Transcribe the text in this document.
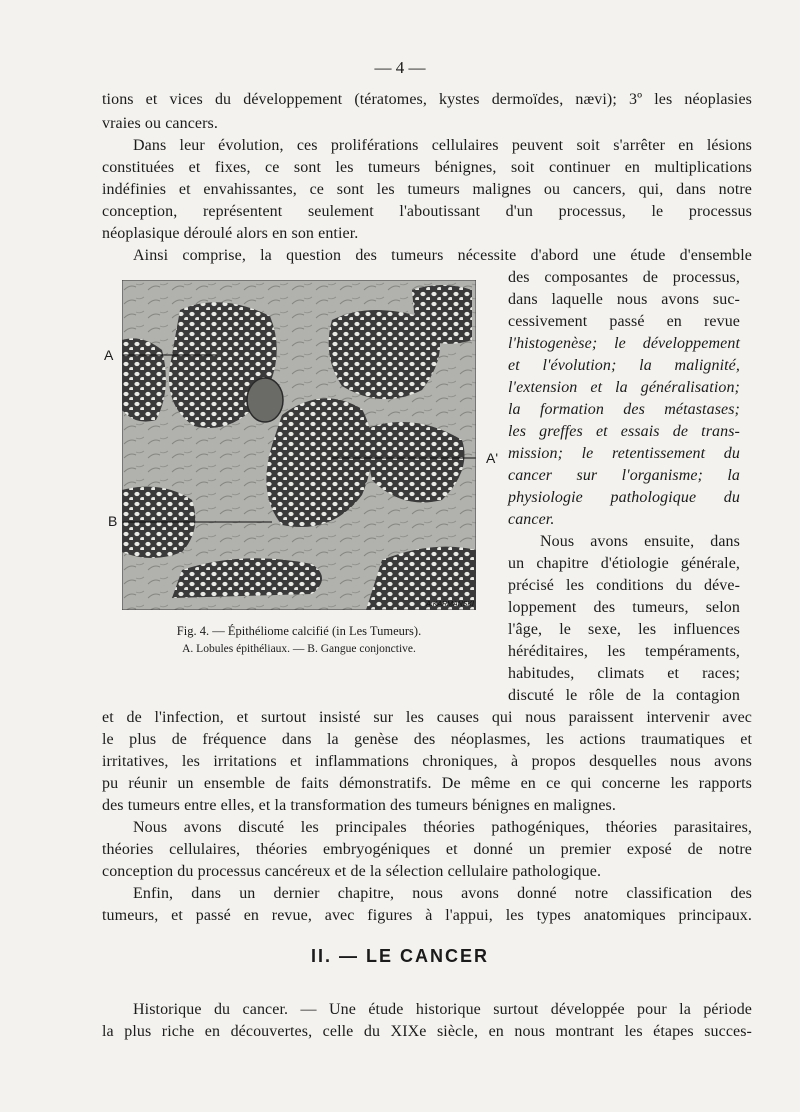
— 4 —
tions et vices du développement (tératomes, kystes dermoïdes, nævi); 3º les néoplasies
vraies ou cancers.
Dans leur évolution, ces proliférations cellulaires peuvent soit s'arrêter en lésions
constituées et fixes, ce sont les tumeurs bénignes, soit continuer en multiplications
indéfinies et envahissantes, ce sont les tumeurs malignes ou cancers, qui, dans notre
conception, représentent seulement l'aboutissant d'un processus, le processus
néoplasique déroulé alors en son entier.
Ainsi comprise, la question des tumeurs nécessite d'abord une étude d'ensemble
des composantes de processus,
dans laquelle nous avons suc-
cessivement passé en revue
l'histogenèse; le développement
et l'évolution; la malignité,
l'extension et la généralisation;
la formation des métastases;
les greffes et essais de trans-
mission; le retentissement du
cancer sur l'organisme; la
physiologie pathologique du
cancer.
Nous avons ensuite, dans
un chapitre d'étiologie générale,
précisé les conditions du déve-
loppement des tumeurs, selon
l'âge, le sexe, les influences
héréditaires, les tempéraments,
habitudes, climats et races;
discuté le rôle de la contagion
A.KARMANSKI
A
A'
B
Fig. 4. — Épithéliome calcifié (in Les Tumeurs).
A. Lobules épithéliaux. — B. Gangue conjonctive.
et de l'infection, et surtout insisté sur les causes qui nous paraissent intervenir avec
le plus de fréquence dans la genèse des néoplasmes, les actions traumatiques et
irritatives, les irritations et inflammations chroniques, à propos desquelles nous avons
pu réunir un ensemble de faits démonstratifs. De même en ce qui concerne les rapports
des tumeurs entre elles, et la transformation des tumeurs bénignes en malignes.
Nous avons discuté les principales théories pathogéniques, théories parasitaires,
théories cellulaires, théories embryogéniques et donné un premier exposé de notre
conception du processus cancéreux et de la sélection cellulaire pathologique.
Enfin, dans un dernier chapitre, nous avons donné notre classification des
tumeurs, et passé en revue, avec figures à l'appui, les types anatomiques principaux.
II. — LE CANCER
Historique du cancer. — Une étude historique surtout développée pour la période
la plus riche en découvertes, celle du XIXe siècle, en nous montrant les étapes succes-
